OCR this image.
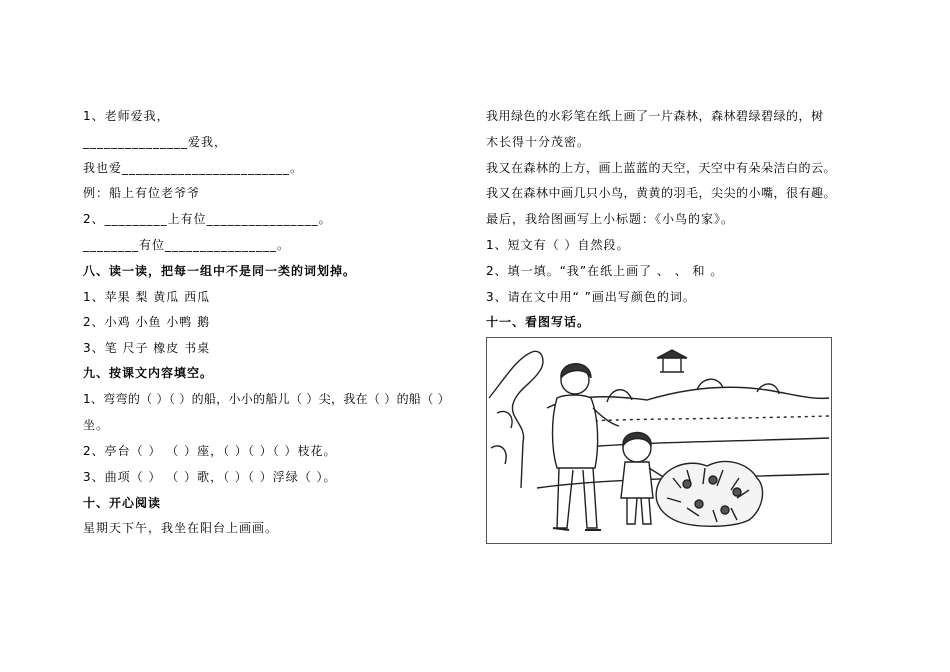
1、老师爱我，
_______________爱我，
我也爱________________________。
例：船上有位老爷爷
2、_________上有位________________。
________有位________________。
八、读一读，把每一组中不是同一类的词划掉。
1、苹果 梨 黄瓜 西瓜
2、小鸡 小鱼 小鸭 鹅
3、笔 尺子 橡皮 书桌
九、按课文内容填空。
1、弯弯的（ ）（ ）的船，小小的船儿（ ）尖，我在（ ）的船（ ）
坐。
2、亭台（ ） （ ）座，（ ）（ ）（ ）枝花。
3、曲项（ ） （ ）歌，（ ）（ ）浮绿（ ）。
十、开心阅读
星期天下午，我坐在阳台上画画。
我用绿色的水彩笔在纸上画了一片森林，森林碧绿碧绿的，树
木长得十分茂密。
我又在森林的上方，画上蓝蓝的天空，天空中有朵朵洁白的云。
我又在森林中画几只小鸟，黄黄的羽毛，尖尖的小嘴，很有趣。
最后，我给图画写上小标题：《小鸟的家》。
1、短文有（ ）自然段。
2、填一填。“我”在纸上画了 、 、 和 。
3、请在文中用“ ”画出写颜色的词。
十一、看图写话。
